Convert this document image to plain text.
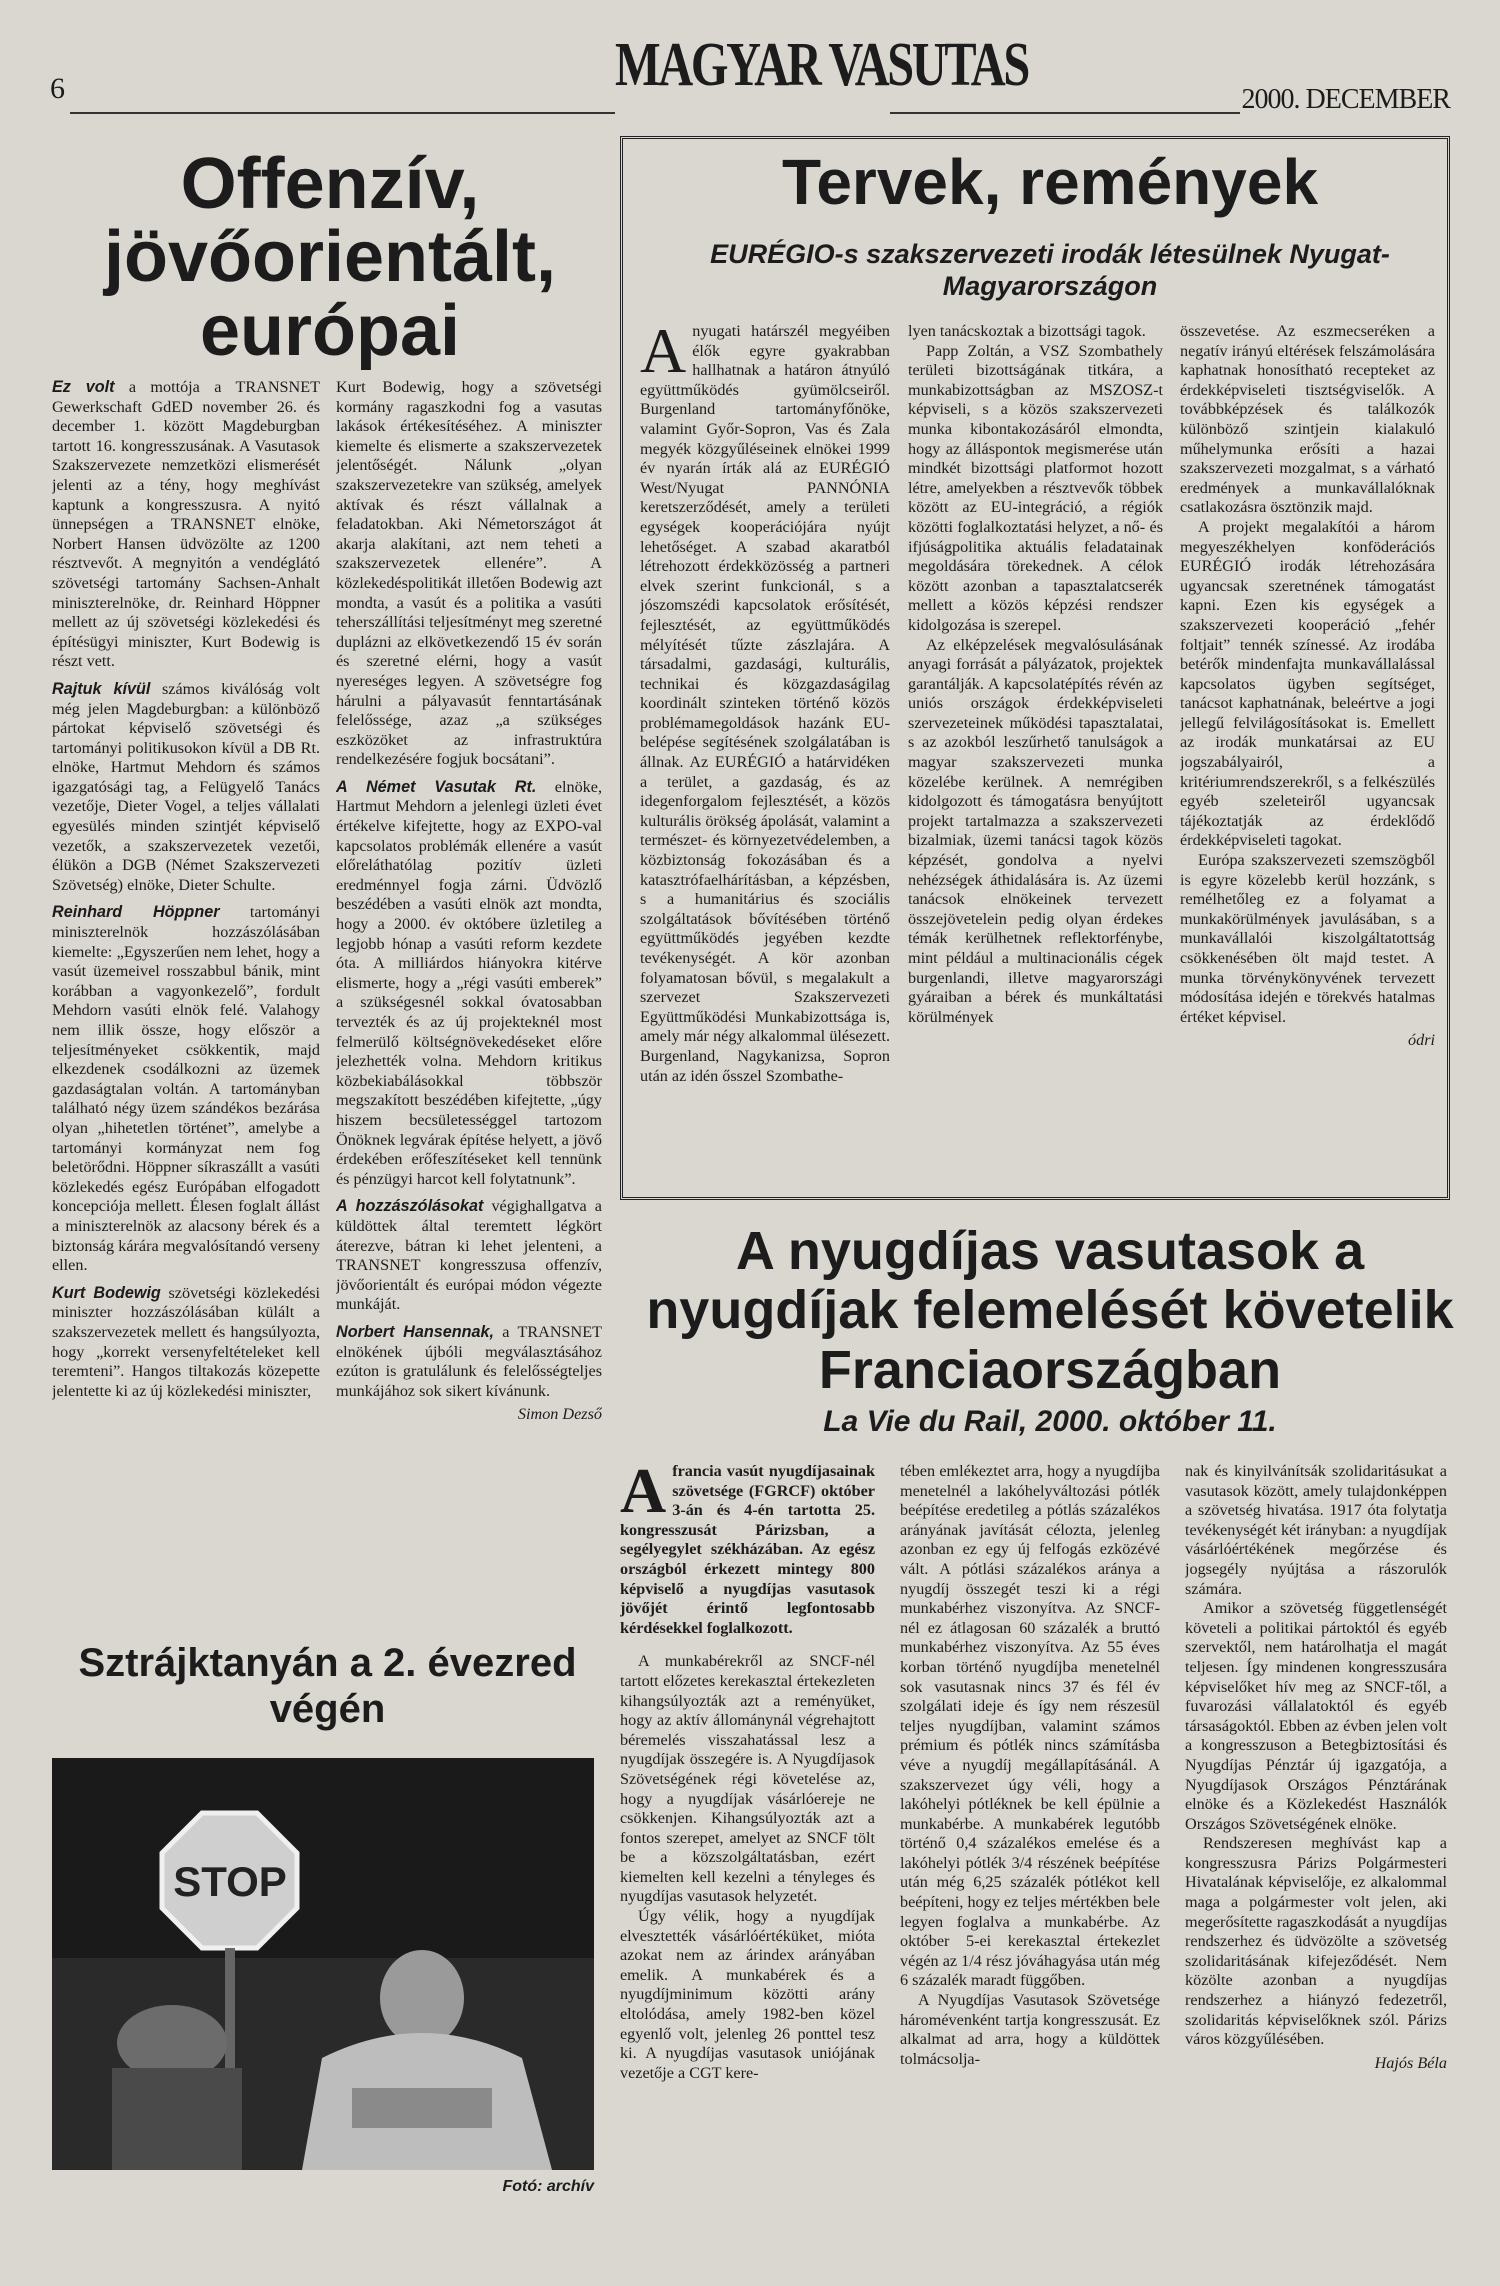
6	MAGYAR VASUTAS
2000. DECEMBER
Offenzív, jövőorientált, európai

Ez volt a mottója a TRANSNET Gewerkschaft GdED november 26. és december 1. között Magdeburgban tartott 16. kongresszusának. A Vasutasok Szakszervezete nemzetközi elismerését jelenti az a tény, hogy meghívást kaptunk a kongresszusra. A nyitó ünnepségen a TRANSNET elnöke, Norbert Hansen üdvözölte az 1200 résztvevőt. A megnyitón a vendéglátó szövetségi tartomány Sachsen-Anhalt miniszterelnöke, dr. Reinhard Höppner mellett az új szövetségi közlekedési és építésügyi miniszter, Kurt Bodewig is részt vett.

Rajtuk kívül számos kiválóság volt még jelen Magdeburgban: a különböző pártokat képviselő szövetségi és tartományi politikusokon kívül a DB Rt. elnöke, Hartmut Mehdorn és számos igazgatósági tag, a Felügyelő Tanács vezetője, Dieter Vogel, a teljes vállalati egyesülés minden szintjét képviselő vezetők, a szakszervezetek vezetői, élükön a DGB (Német Szakszervezeti Szövetség) elnöke, Dieter Schulte.

Reinhard Höppner tartományi miniszterelnök hozzászólásában kiemelte: „Egyszerűen nem lehet, hogy a vasút üzemeivel rosszabbul bánik, mint korábban a vagyonkezelő”, fordult Mehdorn vasúti elnök felé. Valahogy nem illik össze, hogy először a teljesítményeket csökkentik, majd elkezdenek csodálkozni az üzemek gazdaságtalan voltán. A tartományban található négy üzem szándékos bezárása olyan „hihetetlen történet”, amelybe a tartományi kormányzat nem fog beletörődni. Höppner síkraszállt a vasúti közlekedés egész Európában elfogadott koncepciója mellett. Élesen foglalt állást a miniszterelnök az alacsony bérek és a biztonság kárára megvalósítandó verseny ellen.

Kurt Bodewig szövetségi közlekedési miniszter hozzászólásában külált a szakszervezetek mellett és hangsúlyozta, hogy „korrekt versenyfeltételeket kell teremteni”. Hangos tiltakozás közepette jelentette ki az új közlekedési miniszter,

Kurt Bodewig, hogy a szövetségi kormány ragaszkodni fog a vasutas lakások értékesítéséhez. A miniszter kiemelte és elismerte a szakszervezetek jelentőségét. Nálunk „olyan szakszervezetekre van szükség, amelyek aktívak és részt vállalnak a feladatokban. Aki Németországot át akarja alakítani, azt nem teheti a szakszervezetek ellenére”. A közlekedéspolitikát illetően Bodewig azt mondta, a vasút és a politika a vasúti teherszállítási teljesítményt meg szeretné dupláznі az elkövetkezendő 15 év során és szeretné elérni, hogy a vasút nyereséges legyen. A szövetségre fog hárulni a pályavasút fenntartásának felelőssége, azaz „a szükséges eszközöket az infrastruktúra rendelkezésére fogjuk bocsátani”.

A Német Vasutak Rt. elnöke, Hartmut Mehdorn a jelenlegi üzleti évet értékelve kifejtette, hogy az EXPO-val kapcsolatos problémák ellenére a vasút előreláthatólag pozitív üzleti eredménnyel fogja zárni. Üdvözlő beszédében a vasúti elnök azt mondta, hogy a 2000. év októbere üzletileg a legjobb hónap a vasúti reform kezdete óta. A milliárdos hiányokra kitérve elismerte, hogy a „régi vasúti emberek” a szükségesnél sokkal óvatosabban tervezték és az új projekteknél most felmerülő költségnövekedéseket előre jelezhették volna. Mehdorn kritikus közbekiabálásokkal többször megszakított beszédében kifejtette, „úgy hiszem becsületességgel tartozom Önöknek legvárak építése helyett, a jövő érdekében erőfeszítéseket kell tennünk és pénzügyi harcot kell folytatnunk”.

A hozzászólásokat végighallgatva a küldöttek által teremtett légkört áterezve, bátran ki lehet jelenteni, a TRANSNET kongresszusa offenzív, jövőorientált és európai módon végezte munkáját.

Norbert Hansennak, a TRANSNET elnökének újbóli megválasztásához ezúton is gratulálunk és felelősségteljes munkájához sok sikert kívánunk.

Simon Dezső

Tervek, remények
EURÉGIO-s szakszervezeti irodák létesülnek Nyugat-Magyarországon

Anyugati határszél megyéiben élők egyre gyakrabban hallhatnak a határon átnyúló együttműködés gyümölcseiről. Burgenland tartományfőnöke, valamint Győr-Sopron, Vas és Zala megyék közgyűléseinek elnökei 1999 év nyarán írták alá az EURÉGIÓ West/Nyugat PANNÓNIA keretszerződését, amely a területi egységek kooperációjára nyújt lehetőséget. A szabad akaratból létrehozott érdekközösség a partneri elvek szerint funkcionál, s a jószomszédi kapcsolatok erősítését, fejlesztését, az együttműködés mélyítését tűzte zászlajára. A társadalmi, gazdasági, kulturális, technikai és közgazdaságilag koordinált szinteken történő közös problémamegoldások hazánk EU-belépése segítésének szolgálatában is állnak. Az EURÉGIÓ a határvidéken a terület, a gazdaság, és az idegenforgalom fejlesztését, a közös kulturális örökség ápolását, valamint a természet- és környezetvédelemben, a közbiztonság fokozásában és a katasztrófaelhárításban, a képzésben, s a humanitárius és szociális szolgáltatások bővítésében történő együttműködés jegyében kezdte tevékenységét. A kör azonban folyamatosan bővül, s megalakult a szervezet Szakszervezeti Együttműködési Munkabizottsága is, amely már négy alkalommal ülésezett. Burgenland, Nagykanizsa, Sopron után az idén ősszel Szombathe-

lyen tanácskoztak a bizottsági tagok.

Papp Zoltán, a VSZ Szombathely területi bizottságának titkára, a munkabizottságban az MSZOSZ-t képviseli, s a közös szakszervezeti munka kibontakozásáról elmondta, hogy az álláspontok megismerése után mindkét bizottsági platformot hozott létre, amelyekben a résztvevők többek között az EU-integráció, a régiók közötti foglalkoztatási helyzet, a nő- és ifjúságpolitika aktuális feladatainak megoldására törekednek. A célok között azonban a tapasztalatcserék mellett a közös képzési rendszer kidolgozása is szerepel.

Az elképzelések megvalósulásának anyagi forrását a pályázatok, projektek garantálják. A kapcsolatépítés révén az uniós országok érdekképviseleti szervezeteinek működési tapasztalatai, s az azokból leszűrhető tanulságok a magyar szakszervezeti munka közelébe kerülnek. A nemrégiben kidolgozott és támogatásra benyújtott projekt tartalmazza a szakszervezeti bizalmiak, üzemi tanácsi tagok közös képzését, gondolva a nyelvi nehézségek áthidalására is. Az üzemi tanácsok elnökeinek tervezett összejövetelein pedig olyan érdekes témák kerülhetnek reflektorfénybe, mint például a multinacionális cégek burgenlandi, illetve magyarországi gyáraiban a bérek és munkáltatási körülmények

összevetése. Az eszmecseréken a negatív irányú eltérések felszámolására kaphatnak honosítható recepteket az érdekképviseleti tisztségviselők. A továbbképzések és találkozók különböző szintjein kialakuló műhelymunka erősíti a hazai szakszervezeti mozgalmat, s a várható eredmények a munkavállalóknak csatlakozásra ösztönzik majd.

A projekt megalakítói a három megyeszékhelyen konföderációs EURÉGIÓ irodák létrehozására ugyancsak szeretnének támogatást kapni. Ezen kis egységek a szakszervezeti kooperáció „fehér foltjait” tennék színessé. Az irodába betérők mindenfajta munkavállalással kapcsolatos ügyben segítséget, tanácsot kaphatnának, beleértve a jogi jellegű felvilágosításokat is. Emellett az irodák munkatársai az EU jogszabályairól, a kritériumrendszerekről, s a felkészülés egyéb szeleteiről ugyancsak tájékoztatják az érdeklődő érdekképviseleti tagokat.

Európa szakszervezeti szemszögből is egyre közelebb kerül hozzánk, s remélhetőleg ez a folyamat a munkakörülmények javulásában, s a munkavállalói kiszolgáltatottság csökkenésében ölt majd testet. A munka törvénykönyvének tervezett módosítása idején e törekvés hatalmas értéket képvisel.

ódri

A nyugdíjas vasutasok a nyugdíjak felemelését követelik Franciaországban
La Vie du Rail, 2000. október 11.

Afrancia vasút nyugdíjasainak szövetsége (FGRCF) október 3-án és 4-én tartotta 25. kongresszusát Párizsban, a segélyegylet székházában. Az egész országból érkezett mintegy 800 képviselő a nyugdíjas vasutasok jövőjét érintő legfontosabb kérdésekkel foglalkozott.

A munkabérekről az SNCF-nél tartott előzetes kerekasztal értekezleten kihangsúlyozták azt a reményüket, hogy az aktív állománynál végrehajtott béremelés visszahatással lesz a nyugdíjak összegére is. A Nyugdíjasok Szövetségének régi követelése az, hogy a nyugdíjak vásárlóereje ne csökkenjen. Kihangsúlyozták azt a fontos szerepet, amelyet az SNCF tölt be a közszolgáltatásban, ezért kiemelten kell kezelni a tényleges és nyugdíjas vasutasok helyzetét.

Úgy vélik, hogy a nyugdíjak elvesztették vásárlóértéküket, mióta azokat nem az árindex arányában emelik. A munkabérek és a nyugdíjminimum közötti arány eltolódása, amely 1982-ben közel egyenlő volt, jelenleg 26 ponttel tesz ki. A nyugdíjas vasutasok uniójának vezetője a CGT kere-

tében emlékeztet arra, hogy a nyugdíjba menetelnél a lakóhelyváltozási pótlék beépítése eredetileg a pótlás százalékos arányának javítását célozta, jelenleg azonban ez egy új felfogás ezközévé vált. A pótlási százalékos aránya a nyugdíj összegét teszi ki a régi munkabérhez viszonyítva. Az SNCF-nél ez átlagosan 60 százalék a bruttó munkabérhez viszonyítva. Az 55 éves korban történő nyugdíjba menetelnél sok vasutasnak nincs 37 és fél év szolgálati ideje és így nem részesül teljes nyugdíjban, valamint számos prémium és pótlék nincs számításba véve a nyugdíj megállapításánál. A szakszervezet úgy véli, hogy a lakóhelyi pótléknek be kell épülnie a munkabérbe. A munkabérek legutóbb történő 0,4 százalékos emelése és a lakóhelyi pótlék 3/4 részének beépítése után még 6,25 százalék pótlékot kell beépíteni, hogy ez teljes mértékben bele legyen foglalva a munkabérbe. Az október 5-ei kerekasztal értekezlet végén az 1/4 rész jóváhagyása után még 6 százalék maradt függőben.

A Nyugdíjas Vasutasok Szövetsége háromévenként tartja kongresszusát. Ez alkalmat ad arra, hogy a küldöttek tolmácsolja-

nak és kinyilvánítsák szolidaritásukat a vasutasok között, amely tulajdonképpen a szövetség hivatása. 1917 óta folytatja tevékenységét két irányban: a nyugdíjak vásárlóértékének megőrzése és jogsegély nyújtása a rászorulók számára.

Amikor a szövetség függetlenségét követeli a politikai pártoktól és egyéb szervektől, nem határolhatja el magát teljesen. Így mindenen kongresszusára képviselőket hív meg az SNCF-től, a fuvarozási vállalatoktól és egyéb társaságoktól. Ebben az évben jelen volt a kongresszuson a Betegbiztosítási és Nyugdíjas Pénztár új igazgatója, a Nyugdíjasok Országos Pénztárának elnöke és a Közlekedést Használók Országos Szövetségének elnöke.

Rendszeresen meghívást kap a kongresszusra Párizs Polgármesteri Hivatalának képviselője, ez alkalommal maga a polgármester volt jelen, aki megerősítette ragaszkodását a nyugdíjas rendszerhez és üdvözölte a szövetség szolidaritásának kifejeződését. Nem közölte azonban a nyugdíjas rendszerhez a hiányzó fedezetről, szolidaritás képviselőknek szól. Párizs város közgyűlésében.

Hajós Béla

Sztrájktanyán a 2. évezred végén
STOP
Fotó: archív
